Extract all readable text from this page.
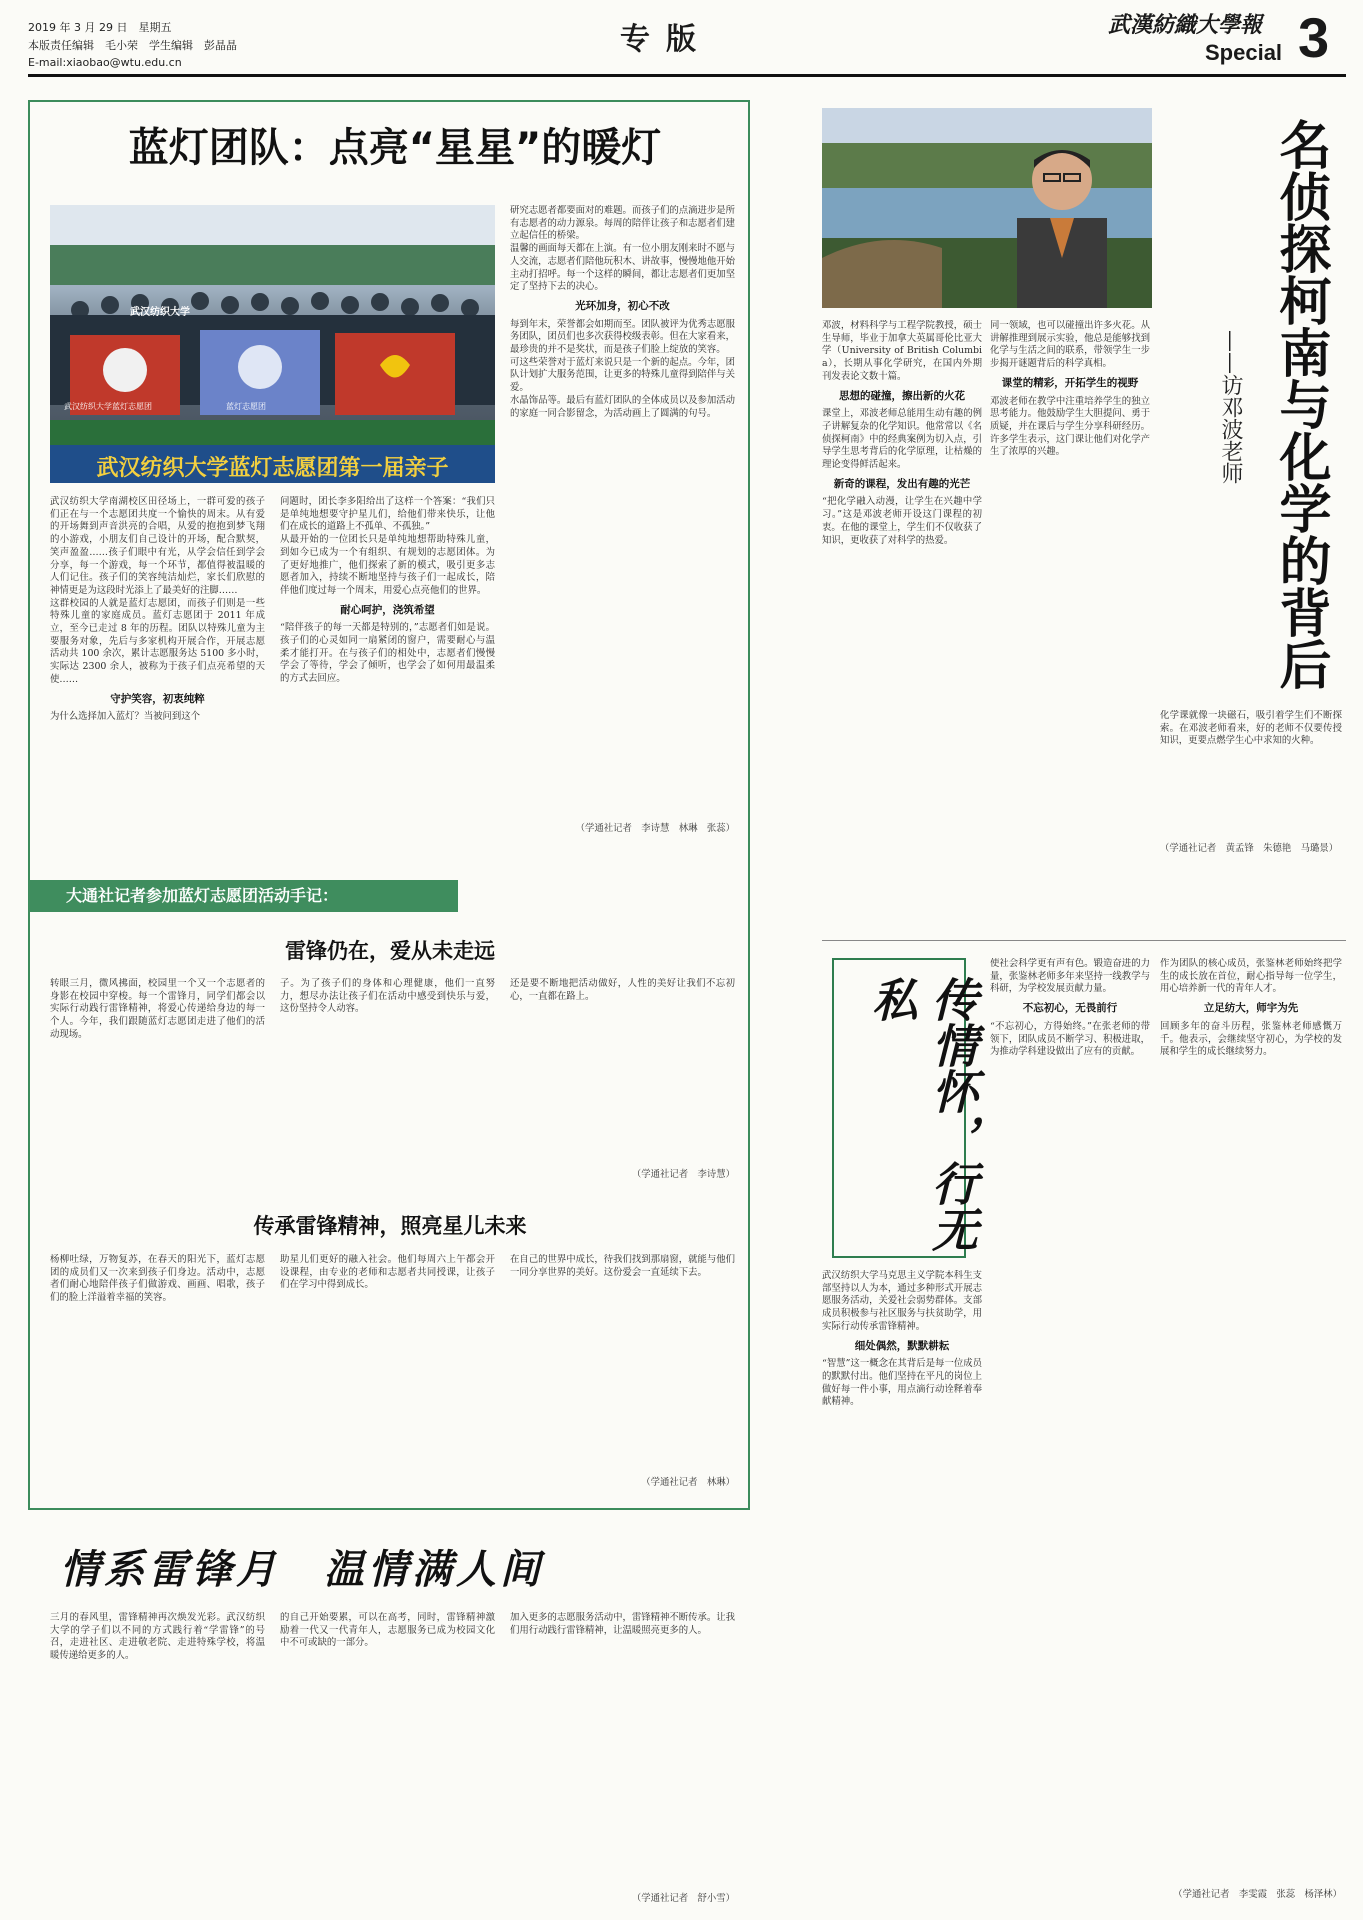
2019 年 3 月 29 日　星期五
本版责任编辑　毛小荣　学生编辑　彭晶晶
E-mail:xiaobao@wtu.edu.cn
专版	武漢紡織大學報
Special 3
蓝灯团队：点亮“星星”的暖灯
武汉纺织大学
武汉纺织大学蓝灯志愿团	蓝灯志愿团
武汉纺织大学蓝灯志愿团第一届亲子
武汉纺织大学南湖校区田径场上，一群可爱的孩子们正在与一个志愿团共度一个愉快的周末。从有爱的开场舞到声音洪亮的合唱，从爱的抱抱到梦飞翔的小游戏，小朋友们自己设计的开场，配合默契，笑声盈盈……孩子们眼中有光，从学会信任到学会分享，每一个游戏，每一个环节，都值得被温暖的人们记住。孩子们的笑容纯洁灿烂，家长们欣慰的神情更是为这段时光添上了最美好的注脚……
这群校园的人就是蓝灯志愿团，而孩子们则是一些特殊儿童的家庭成员。蓝灯志愿团于 2011 年成立，至今已走过 8 年的历程。团队以特殊儿童为主要服务对象，先后与多家机构开展合作，开展志愿活动共 100 余次，累计志愿服务达 5100 多小时，实际达 2300 余人，被称为于孩子们点亮希望的天使……
守护笑容，初衷纯粹
为什么选择加入蓝灯？当被问到这个
问题时，团长李多阳给出了这样一个答案：“我们只是单纯地想要守护星儿们，给他们带来快乐，让他们在成长的道路上不孤单、不孤独。”
从最开始的一位团长只是单纯地想帮助特殊儿童，到如今已成为一个有组织、有规划的志愿团体。为了更好地推广，他们探索了新的模式，吸引更多志愿者加入，持续不断地坚持与孩子们一起成长，陪伴他们度过每一个周末，用爱心点亮他们的世界。
耐心呵护，浇筑希望
“陪伴孩子的每一天都是特别的，”志愿者们如是说。孩子们的心灵如同一扇紧闭的窗户，需要耐心与温柔才能打开。在与孩子们的相处中，志愿者们慢慢学会了等待，学会了倾听，也学会了如何用最温柔的方式去回应。
研究志愿者都要面对的难题。而孩子们的点滴进步是所有志愿者的动力源泉。每周的陪伴让孩子和志愿者们建立起信任的桥梁。
温馨的画面每天都在上演。有一位小朋友刚来时不愿与人交流，志愿者们陪他玩积木、讲故事，慢慢地他开始主动打招呼。每一个这样的瞬间，都让志愿者们更加坚定了坚持下去的决心。
光环加身，初心不改
每到年末，荣誉都会如期而至。团队被评为优秀志愿服务团队，团员们也多次获得校级表彰。但在大家看来，最珍贵的并不是奖状，而是孩子们脸上绽放的笑容。
可这些荣誉对于蓝灯来说只是一个新的起点。今年，团队计划扩大服务范围，让更多的特殊儿童得到陪伴与关爱。
水晶饰品等。最后有蓝灯团队的全体成员以及参加活动的家庭一同合影留念，为活动画上了圆满的句号。
（学通社记者　李诗慧　林琳　张蕊）
大通社记者参加蓝灯志愿团活动手记：
雷锋仍在，爱从未走远
转眼三月，微风拂面，校园里一个又一个志愿者的身影在校园中穿梭。每一个雷锋月，同学们都会以实际行动践行雷锋精神，将爱心传递给身边的每一个人。今年，我们跟随蓝灯志愿团走进了他们的活动现场。
子。为了孩子们的身体和心理健康，他们一直努力，想尽办法让孩子们在活动中感受到快乐与爱，这份坚持令人动容。
还是要不断地把活动做好，人性的美好让我们不忘初心，一直都在路上。
（学通社记者　李诗慧）
传承雷锋精神，照亮星儿未来
杨柳吐绿，万物复苏，在春天的阳光下，蓝灯志愿团的成员们又一次来到孩子们身边。活动中，志愿者们耐心地陪伴孩子们做游戏、画画、唱歌，孩子们的脸上洋溢着幸福的笑容。
助星儿们更好的融入社会。他们每周六上午都会开设课程，由专业的老师和志愿者共同授课，让孩子们在学习中得到成长。
在自己的世界中成长，待我们找到那扇窗，就能与他们一同分享世界的美好。这份爱会一直延续下去。
（学通社记者　林琳）
情系雷锋月　温情满人间
三月的春风里，雷锋精神再次焕发光彩。武汉纺织大学的学子们以不同的方式践行着“学雷锋”的号召，走进社区、走进敬老院、走进特殊学校，将温暖传递给更多的人。
的自己开始要累，可以在高考，同时，雷锋精神激励着一代又一代青年人，志愿服务已成为校园文化中不可或缺的一部分。
加入更多的志愿服务活动中，雷锋精神不断传承。让我们用行动践行雷锋精神，让温暖照亮更多的人。
（学通社记者　舒小雪）
名侦探柯南与化学的背后
——访邓波老师
邓波，材料科学与工程学院教授，硕士生导师，毕业于加拿大英属哥伦比亚大学（University of British Columbia），长期从事化学研究，在国内外期刊发表论文数十篇。
思想的碰撞，擦出新的火花
课堂上，邓波老师总能用生动有趣的例子讲解复杂的化学知识。他常常以《名侦探柯南》中的经典案例为切入点，引导学生思考背后的化学原理，让枯燥的理论变得鲜活起来。
新奇的课程，发出有趣的光芒
“把化学融入动漫，让学生在兴趣中学习。”这是邓波老师开设这门课程的初衷。在他的课堂上，学生们不仅收获了知识，更收获了对科学的热爱。
同一领域，也可以碰撞出许多火花。从讲解推理到展示实验，他总是能够找到化学与生活之间的联系，带领学生一步步揭开谜题背后的科学真相。
课堂的精彩，开拓学生的视野
邓波老师在教学中注重培养学生的独立思考能力。他鼓励学生大胆提问、勇于质疑，并在课后与学生分享科研经历。许多学生表示，这门课让他们对化学产生了浓厚的兴趣。
化学课就像一块磁石，吸引着学生们不断探索。在邓波老师看来，好的老师不仅要传授知识，更要点燃学生心中求知的火种。
（学通社记者　黄孟锋　朱德艳　马璐景）
传情怀，行无私
武汉纺织大学马克思主义学院本科生支部坚持以人为本，通过多种形式开展志愿服务活动，关爱社会弱势群体。支部成员积极参与社区服务与扶贫助学，用实际行动传承雷锋精神。
细处偶然，默默耕耘
“智慧”这一概念在其背后是每一位成员的默默付出。他们坚持在平凡的岗位上做好每一件小事，用点滴行动诠释着奉献精神。
使社会科学更有声有色。锻造奋进的力量，张鉴林老师多年来坚持一线教学与科研，为学校发展贡献力量。
不忘初心，无畏前行
“不忘初心，方得始终。”在张老师的带领下，团队成员不断学习、积极进取，为推动学科建设做出了应有的贡献。
作为团队的核心成员，张鉴林老师始终把学生的成长放在首位，耐心指导每一位学生，用心培养新一代的青年人才。
立足纺大，师宇为先
回顾多年的奋斗历程，张鉴林老师感慨万千。他表示，会继续坚守初心，为学校的发展和学生的成长继续努力。
（学通社记者　李雯霞　张蕊　杨泽林）
